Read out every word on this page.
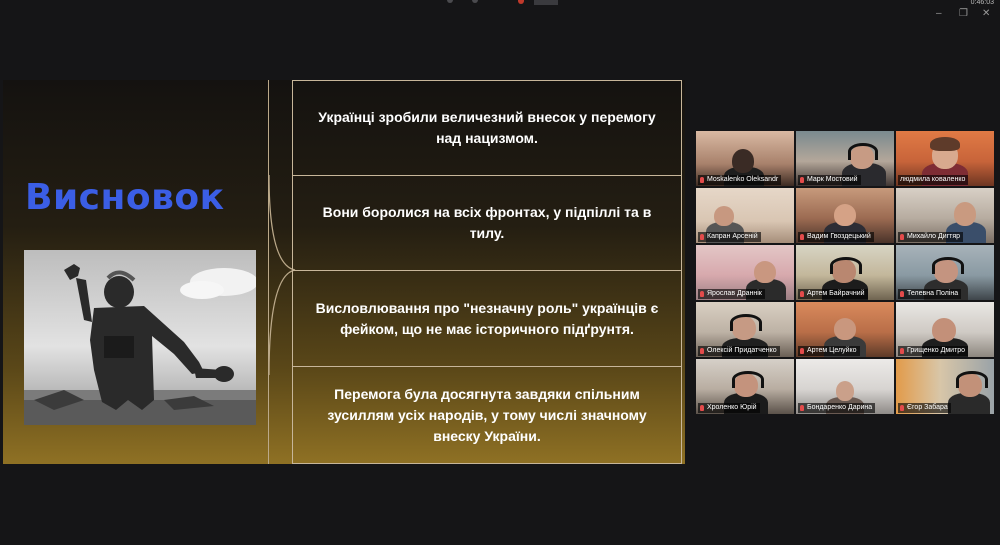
0:46:03
– ❐ ✕
Висновок
Українці зробили величезний внесок у перемогу над нацизмом.
Вони боролися на всіх фронтах, у підпіллі та в тилу.
Висловлювання про "незначну роль" українців є фейком, що не має історичного підґрунтя.
Перемога була досягнута завдяки спільним зусиллям усіх народів, у тому числі значному внеску України.
Moskalenko Oleksandr	Марк Мостовий	людмила коваленко
Капран Арсеній	Вадим Гвоздецький	Михайло Дигтяр
Ярослав Драннік	Артем Байрачний	Телевна Поліна
Олексій Придатченко	Артем Целуйко	Грищенко Дмитро
Хроленко Юрій	Бондаренко Дарина	Єгор Забара
